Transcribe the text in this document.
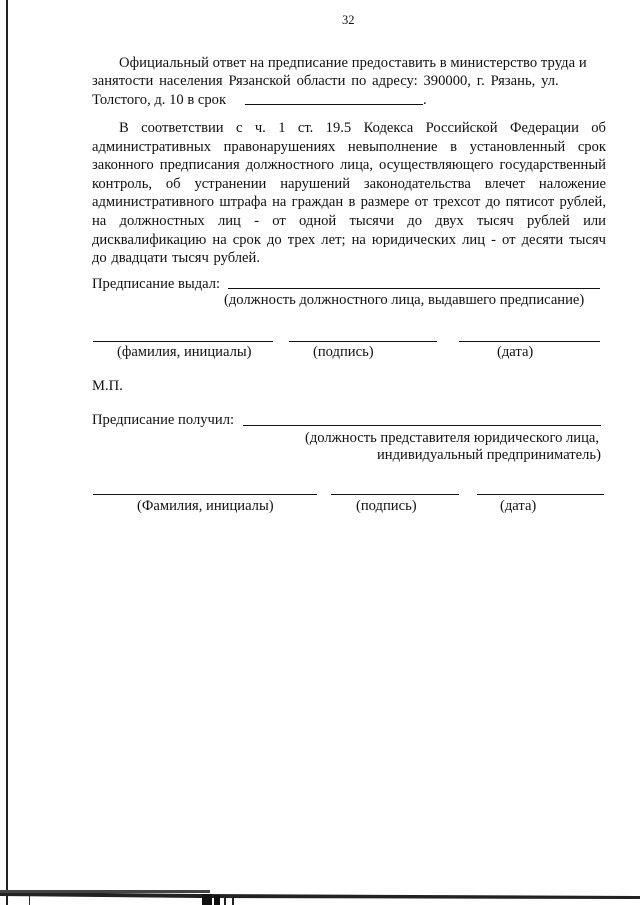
32
Официальный ответ на предписание предоставить в министерство труда и
занятости населения Рязанской области по адресу: 390000, г. Рязань, ул.
Толстого, д. 10 в срок	.

В соответствии с ч. 1 ст. 19.5 Кодекса Российской Федерации об административных правонарушениях невыполнение в установленный срок законного предписания должностного лица, осуществляющего государственный контроль, об устранении нарушений законодательства влечет наложение административного штрафа на граждан в размере от трехсот до пятисот рублей, на должностных лиц - от одной тысячи до двух тысяч рублей или дисквалификацию на срок до трех лет; на юридических лиц - от десяти тысяч до двадцати тысяч рублей.

Предписание выдал:
(должность должностного лица, выдавшего предписание)
(фамилия, инициалы)	(подпись)	(дата)
М.П.
Предписание получил:
(должность представителя юридического лица,
индивидуальный предприниматель)
(Фамилия, инициалы)	(подпись)	(дата)
